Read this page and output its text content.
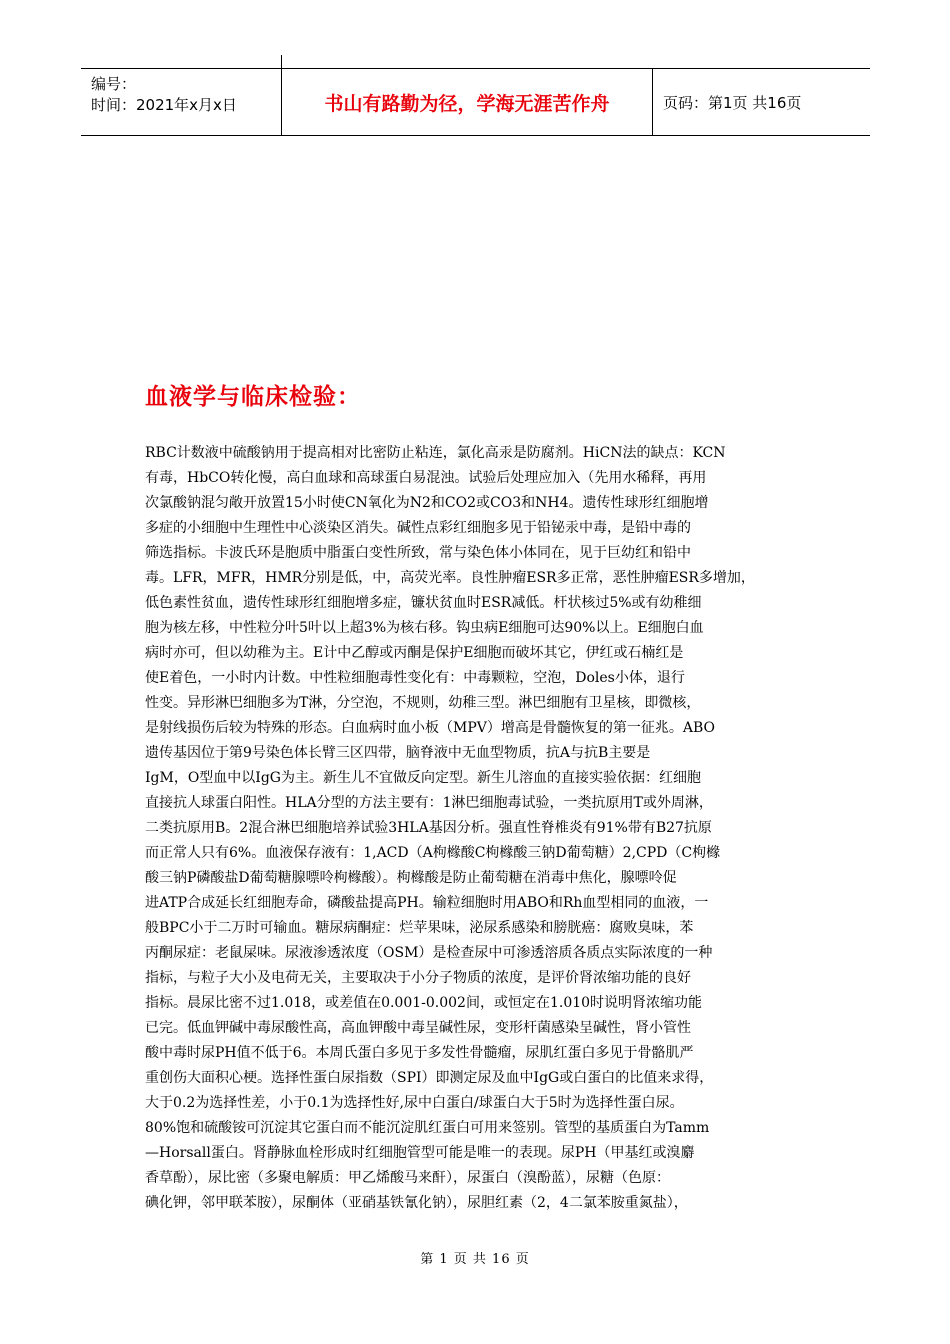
编号：
时间：2021年x月x日	书山有路勤为径，学海无涯苦作舟	页码：第1页 共16页
血液学与临床检验：
RBC计数液中硫酸钠用于提高相对比密防止粘连，氯化高汞是防腐剂。HiCN法的缺点：KCN
有毒，HbCO转化慢，高白血球和高球蛋白易混浊。试验后处理应加入（先用水稀释，再用
次氯酸钠混匀敞开放置15小时使CN氧化为N2和CO2或CO3和NH4。遗传性球形红细胞增
多症的小细胞中生理性中心淡染区消失。碱性点彩红细胞多见于铅铋汞中毒，是铅中毒的
筛选指标。卡波氏环是胞质中脂蛋白变性所致，常与染色体小体同在，见于巨幼红和铅中
毒。LFR，MFR，HMR分别是低，中，高荧光率。良性肿瘤ESR多正常，恶性肿瘤ESR多增加，
低色素性贫血，遗传性球形红细胞增多症，镰状贫血时ESR减低。杆状核过5%或有幼稚细
胞为核左移，中性粒分叶5叶以上超3%为核右移。钩虫病E细胞可达90%以上。E细胞白血
病时亦可，但以幼稚为主。E计中乙醇或丙酮是保护E细胞而破坏其它，伊红或石楠红是
使E着色，一小时内计数。中性粒细胞毒性变化有：中毒颗粒，空泡，Doles小体，退行
性变。异形淋巴细胞多为T淋，分空泡，不规则，幼稚三型。淋巴细胞有卫星核，即微核，
是射线损伤后较为特殊的形态。白血病时血小板（MPV）增高是骨髓恢复的第一征兆。ABO
遗传基因位于第9号染色体长臂三区四带，脑脊液中无血型物质，抗A与抗B主要是
IgM，O型血中以IgG为主。新生儿不宜做反向定型。新生儿溶血的直接实验依据：红细胞
直接抗人球蛋白阳性。HLA分型的方法主要有：1淋巴细胞毒试验，一类抗原用T或外周淋，
二类抗原用B。2混合淋巴细胞培养试验3HLA基因分析。强直性脊椎炎有91%带有B27抗原
而正常人只有6%。血液保存液有：1,ACD（A枸橼酸C枸橼酸三钠D葡萄糖）2,CPD（C枸橼
酸三钠P磷酸盐D葡萄糖腺嘌呤枸橼酸）。枸橼酸是防止葡萄糖在消毒中焦化，腺嘌呤促
进ATP合成延长红细胞寿命，磷酸盐提高PH。输粒细胞时用ABO和Rh血型相同的血液，一
般BPC小于二万时可输血。糖尿病酮症：烂苹果味，泌尿系感染和膀胱癌：腐败臭味，苯
丙酮尿症：老鼠屎味。尿液渗透浓度（OSM）是检查尿中可渗透溶质各质点实际浓度的一种
指标，与粒子大小及电荷无关，主要取决于小分子物质的浓度，是评价肾浓缩功能的良好
指标。晨尿比密不过1.018，或差值在0.001-0.002间，或恒定在1.010时说明肾浓缩功能
已完。低血钾碱中毒尿酸性高，高血钾酸中毒呈碱性尿，变形杆菌感染呈碱性，肾小管性
酸中毒时尿PH值不低于6。本周氏蛋白多见于多发性骨髓瘤，尿肌红蛋白多见于骨骼肌严
重创伤大面积心梗。选择性蛋白尿指数（SPI）即测定尿及血中IgG或白蛋白的比值来求得，
大于0.2为选择性差，小于0.1为选择性好,尿中白蛋白/球蛋白大于5时为选择性蛋白尿。
80%饱和硫酸铵可沉淀其它蛋白而不能沉淀肌红蛋白可用来签别。管型的基质蛋白为Tamm
—Horsall蛋白。肾静脉血栓形成时红细胞管型可能是唯一的表现。尿PH（甲基红或溴麝
香草酚），尿比密（多聚电解质：甲乙烯酸马来酐），尿蛋白（溴酚蓝），尿糖（色原：
碘化钾，邻甲联苯胺），尿酮体（亚硝基铁氰化钠），尿胆红素（2，4二氯苯胺重氮盐），
第 1 页 共 16 页
